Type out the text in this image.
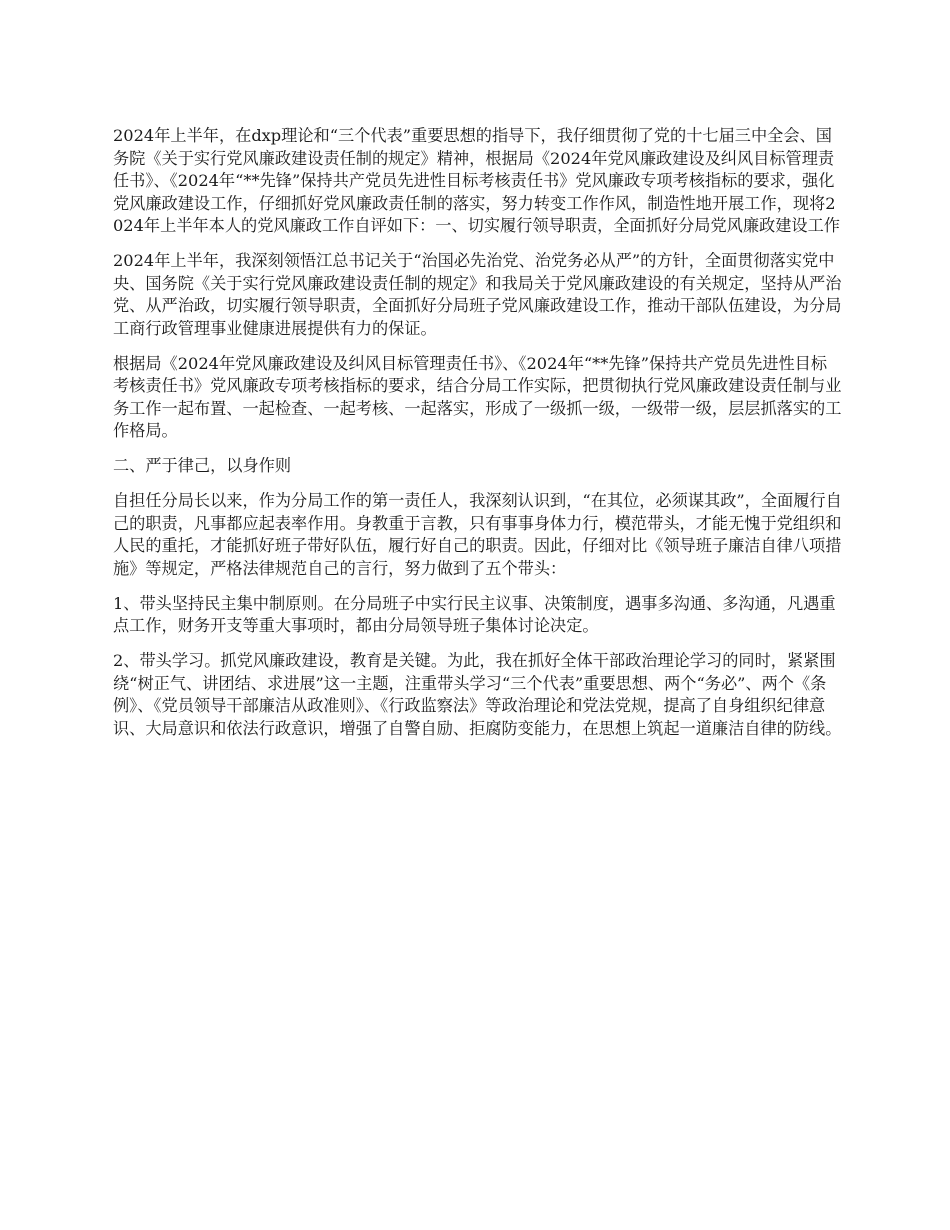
2024年上半年，在dxp理论和“三个代表”重要思想的指导下，我仔细贯彻了党的十七届三中全会、国务院《关于实行党风廉政建设责任制的规定》精神，根据局《2024年党风廉政建设及纠风目标管理责任书》、《2024年“**先锋”保持共产党员先进性目标考核责任书》党风廉政专项考核指标的要求，强化党风廉政建设工作，仔细抓好党风廉政责任制的落实，努力转变工作作风，制造性地开展工作，现将2024年上半年本人的党风廉政工作自评如下：一、切实履行领导职责，全面抓好分局党风廉政建设工作

2024年上半年，我深刻领悟江总书记关于“治国必先治党、治党务必从严”的方针，全面贯彻落实党中央、国务院《关于实行党风廉政建设责任制的规定》和我局关于党风廉政建设的有关规定，坚持从严治党、从严治政，切实履行领导职责，全面抓好分局班子党风廉政建设工作，推动干部队伍建设，为分局工商行政管理事业健康进展提供有力的保证。

根据局《2024年党风廉政建设及纠风目标管理责任书》、《2024年“**先锋”保持共产党员先进性目标考核责任书》党风廉政专项考核指标的要求，结合分局工作实际，把贯彻执行党风廉政建设责任制与业务工作一起布置、一起检查、一起考核、一起落实，形成了一级抓一级，一级带一级，层层抓落实的工作格局。

二、严于律己，以身作则

自担任分局长以来，作为分局工作的第一责任人，我深刻认识到，“在其位，必须谋其政”，全面履行自己的职责，凡事都应起表率作用。身教重于言教，只有事事身体力行，模范带头，才能无愧于党组织和人民的重托，才能抓好班子带好队伍，履行好自己的职责。因此，仔细对比《领导班子廉洁自律八项措施》等规定，严格法律规范自己的言行，努力做到了五个带头：

1、带头坚持民主集中制原则。在分局班子中实行民主议事、决策制度，遇事多沟通、多沟通，凡遇重点工作，财务开支等重大事项时，都由分局领导班子集体讨论决定。

2、带头学习。抓党风廉政建设，教育是关键。为此，我在抓好全体干部政治理论学习的同时，紧紧围绕“树正气、讲团结、求进展”这一主题，注重带头学习“三个代表”重要思想、两个“务必”、两个《条例》、《党员领导干部廉洁从政准则》、《行政监察法》等政治理论和党法党规，提高了自身组织纪律意识、大局意识和依法行政意识，增强了自警自励、拒腐防变能力，在思想上筑起一道廉洁自律的防线。
